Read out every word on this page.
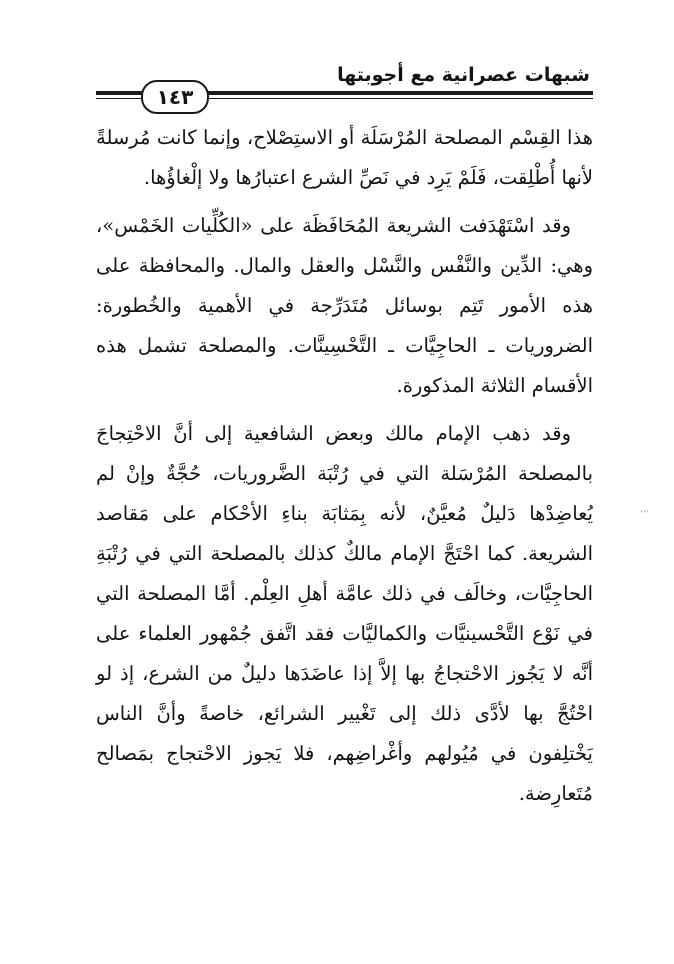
شبهات عصرانية مع أجوبتها
١٤٣

هذا القِسْم المصلحة المُرْسَلَة أو الاستِصْلاح، وإنما كانت مُرسلةً لأنها أُطْلِقت، فَلَمْ يَرِد في نَصِّ الشرع اعتبارُها ولا إلْغاؤُها.

وقد اسْتَهْدَفت الشريعة المُحَافَظَة على «الكُلِّيات الخَمْس»، وهي: الدِّين والنَّفْس والنَّسْل والعقل والمال. والمحافظة على هذه الأمور تَتِم بوسائل مُتَدَرِّجة في الأهمية والخُطورة: الضروريات ـ الحاجِيَّات ـ التَّحْسِينَّات. والمصلحة تشمل هذه الأقسام الثلاثة المذكورة.

وقد ذهب الإمام مالك وبعض الشافعية إلى أنَّ الاحْتِجاجَ بالمصلحة المُرْسَلة التي في رُتْبَة الضَّروريات، حُجَّةٌ وإنْ لم يُعاضِدْها دَليلٌ مُعيَّنٌ، لأنه بِمَثابَة بناءِ الأحْكام على مَقاصد الشريعة. كما احْتَجَّ الإمام مالكٌ كذلك بالمصلحة التي في رُتْبَةِ الحاجِيَّات، وخالَف في ذلك عامَّة أهلِ العِلْم. أمَّا المصلحة التي في نَوْع التَّحْسينيَّات والكماليَّات فقد اتَّفق جُمْهور العلماء على أنَّه لا يَجُوز الاحْتجاجُ بها إلاَّ إذا عاضَدَها دليلٌ من الشرع، إذ لو احْتُجَّ بها لأدَّى ذلك إلى تَغْيير الشرائع، خاصةً وأنَّ الناس يَخْتلِفون في مُيُولهم وأغْراضِهم، فلا يَجوز الاحْتجاج بمَصالح مُتَعارِضة.

٬٬٬
